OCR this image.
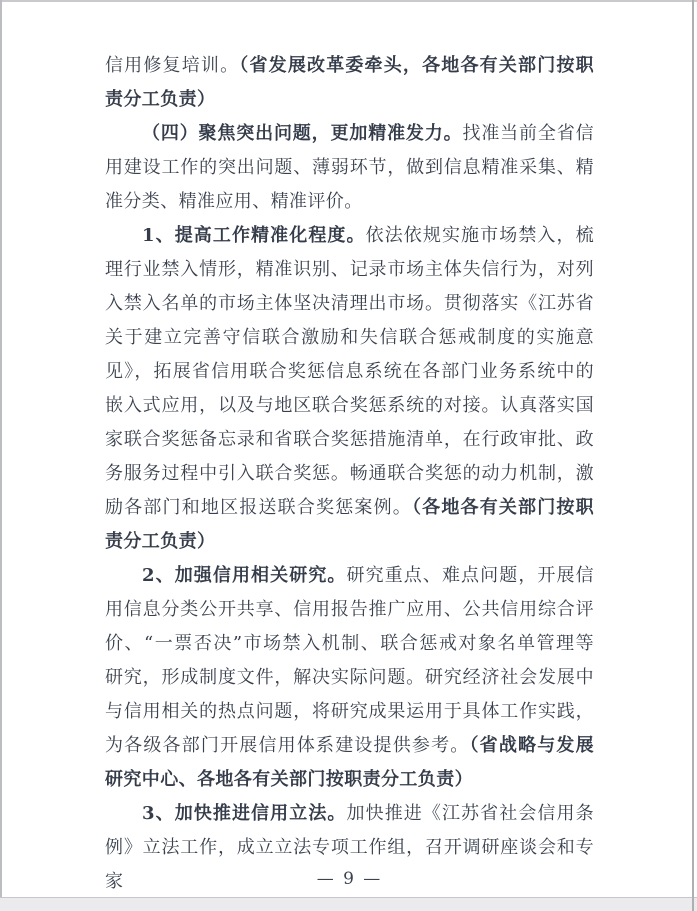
信用修复培训。（省发展改革委牵头，各地各有关部门按职
责分工负责）
（四）聚焦突出问题，更加精准发力。找准当前全省信
用建设工作的突出问题、薄弱环节，做到信息精准采集、精
准分类、精准应用、精准评价。
1、提高工作精准化程度。依法依规实施市场禁入，梳
理行业禁入情形，精准识别、记录市场主体失信行为，对列
入禁入名单的市场主体坚决清理出市场。贯彻落实《江苏省
关于建立完善守信联合激励和失信联合惩戒制度的实施意
见》，拓展省信用联合奖惩信息系统在各部门业务系统中的
嵌入式应用，以及与地区联合奖惩系统的对接。认真落实国
家联合奖惩备忘录和省联合奖惩措施清单，在行政审批、政
务服务过程中引入联合奖惩。畅通联合奖惩的动力机制，激
励各部门和地区报送联合奖惩案例。（各地各有关部门按职
责分工负责）
2、加强信用相关研究。研究重点、难点问题，开展信
用信息分类公开共享、信用报告推广应用、公共信用综合评
价、“一票否决”市场禁入机制、联合惩戒对象名单管理等
研究，形成制度文件，解决实际问题。研究经济社会发展中
与信用相关的热点问题，将研究成果运用于具体工作实践，
为各级各部门开展信用体系建设提供参考。（省战略与发展
研究中心、各地各有关部门按职责分工负责）
3、加快推进信用立法。加快推进《江苏省社会信用条
例》立法工作，成立立法专项工作组，召开调研座谈会和专家	— 9 —
